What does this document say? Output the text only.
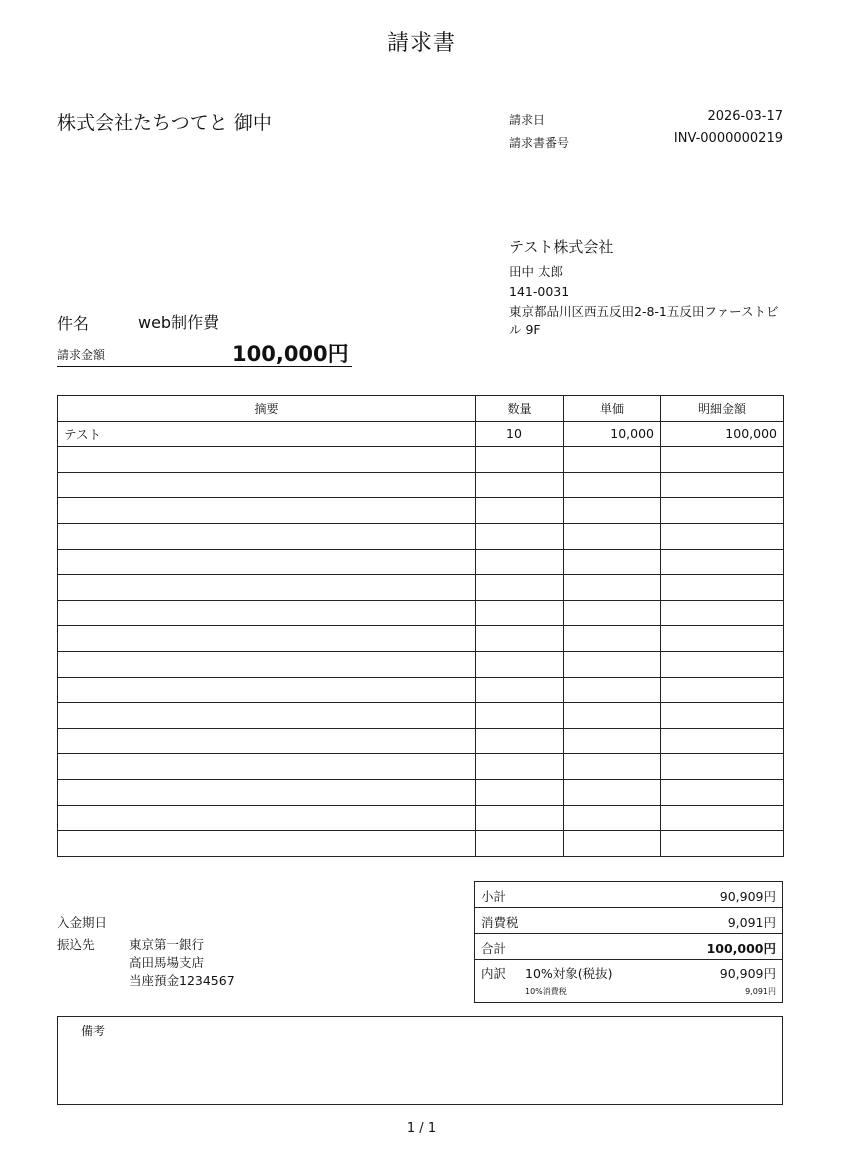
請求書
株式会社たちつてと 御中	請求日	2026-03-17
請求書番号	INV-0000000219
テスト株式会社
田中 太郎
141-0031
東京都品川区西五反田2-8-1五反田ファーストビ
ル 9F
件名	web制作費
請求金額	100,000円
摘要	数量	単価	明細金額
テスト	10	10,000	100,000

入金期日
振込先	東京第一銀行
高田馬場支店
当座預金1234567
小計	90,909円
消費税	9,091円
合計	100,000円
内訳 10%対象(税抜)	90,909円
10%消費税	9,091円
備考
1 / 1
